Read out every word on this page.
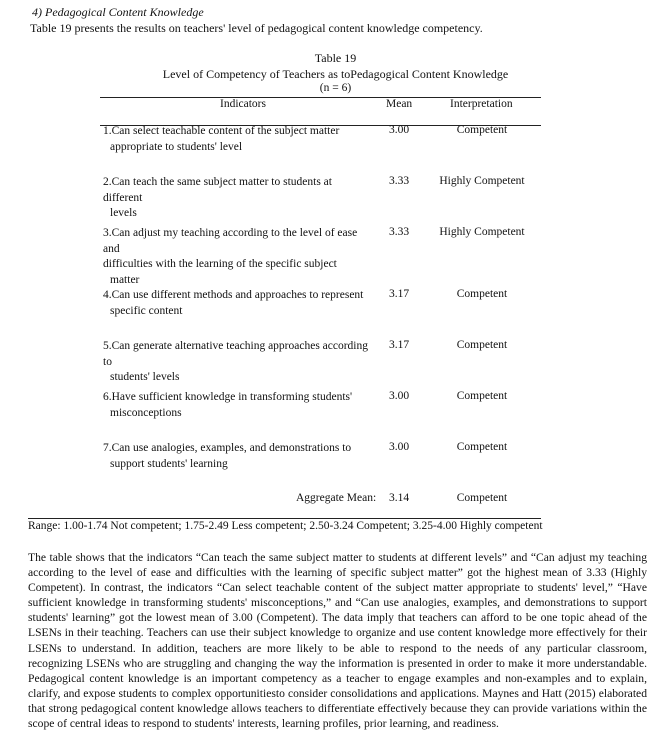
4) Pedagogical Content Knowledge
Table 19 presents the results on teachers' level of pedagogical content knowledge competency.
Table 19
Level of Competency of Teachers as toPedagogical Content Knowledge
(n = 6)
Indicators	Mean	Interpretation
1.Can select teachable content of the subject matter
appropriate to students' level
3.00	Competent
2.Can teach the same subject matter to students at
different
levels
3.33	Highly Competent
3.Can adjust my teaching according to the level of ease
and
difficulties with the learning of the specific subject
matter
3.33	Highly Competent
4.Can use different methods and approaches to represent
specific content
3.17	Competent
5.Can generate alternative teaching approaches according
to
students' levels
3.17	Competent
6.Have sufficient knowledge in transforming students'
misconceptions
3.00	Competent
7.Can use analogies, examples, and demonstrations to
support students' learning
3.00	Competent
Aggregate Mean: 3.14	Competent
Range: 1.00-1.74 Not competent; 1.75-2.49 Less competent; 2.50-3.24 Competent; 3.25-4.00 Highly competent
The table shows that the indicators “Can teach the same subject matter to students at different levels” and “Can adjust my teaching according to the level of ease and difficulties with the learning of specific subject matter” got the highest mean of 3.33 (Highly Competent). In contrast, the indicators “Can select teachable content of the subject matter appropriate to students' level,” “Have sufficient knowledge in transforming students' misconceptions,” and “Can use analogies, examples, and demonstrations to support students' learning” got the lowest mean of 3.00 (Competent). The data imply that teachers can afford to be one topic ahead of the LSENs in their teaching. Teachers can use their subject knowledge to organize and use content knowledge more effectively for their LSENs to understand. In addition, teachers are more likely to be able to respond to the needs of any particular classroom, recognizing LSENs who are struggling and changing the way the information is presented in order to make it more understandable. Pedagogical content knowledge is an important competency as a teacher to engage examples and non-examples and to explain, clarify, and expose students to complex opportunitiesto consider consolidations and applications. Maynes and Hatt (2015) elaborated that strong pedagogical content knowledge allows teachers to differentiate effectively because they can provide variations within the scope of central ideas to respond to students' interests, learning profiles, prior learning, and readiness.
